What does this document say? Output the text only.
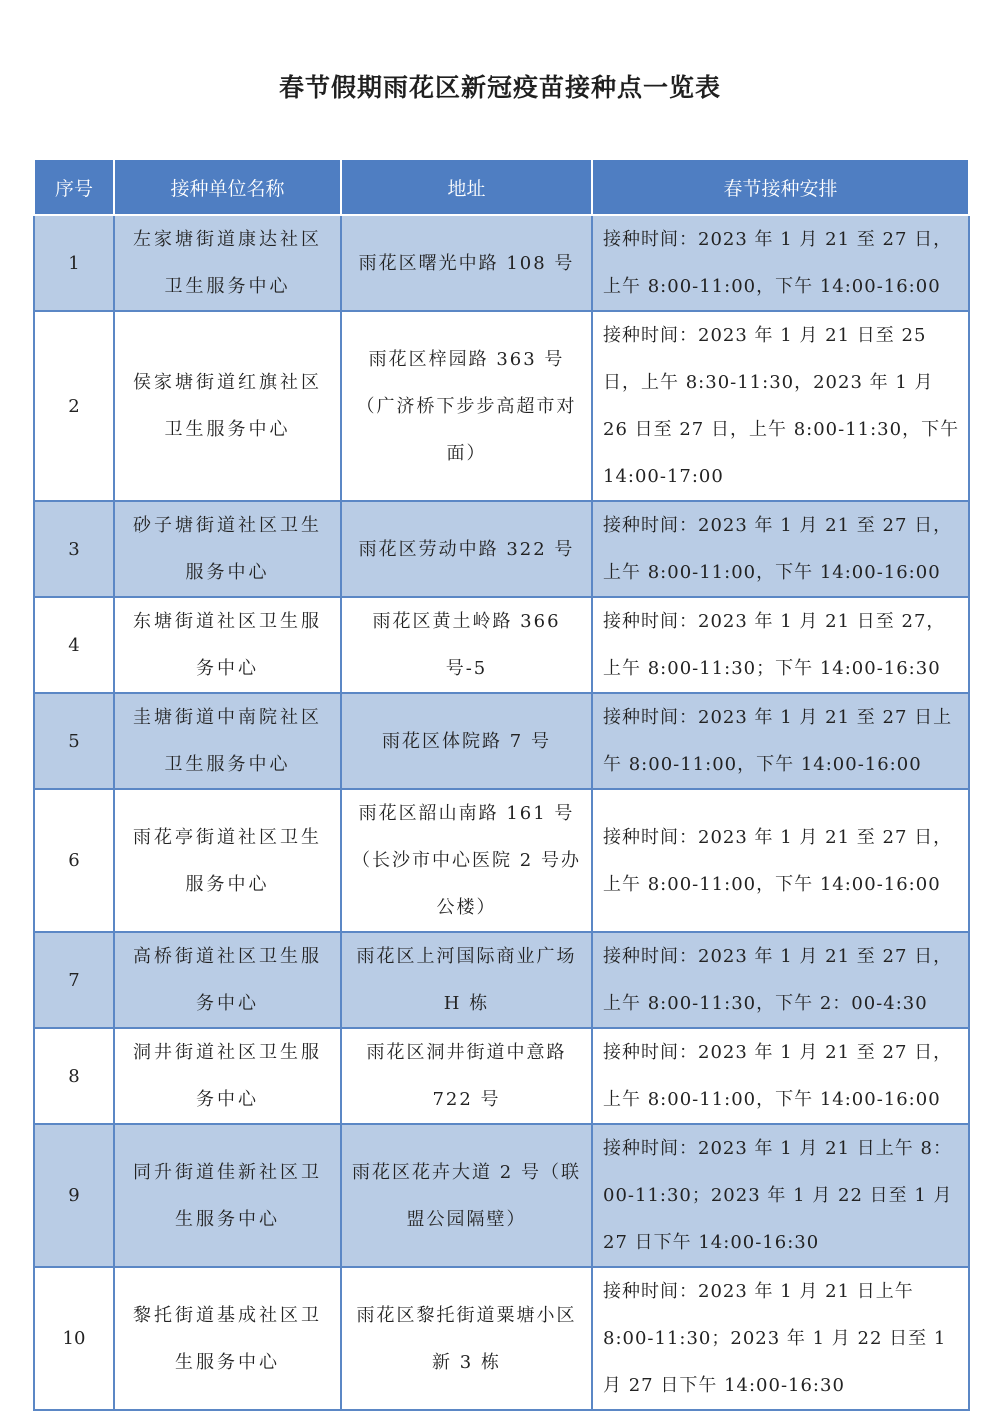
春节假期雨花区新冠疫苗接种点一览表
序号	接种单位名称	地址	春节接种安排
1	左家塘街道康达社区卫生服务中心	雨花区曙光中路 108 号	接种时间：2023 年 1 月 21 至 27 日，上午 8:00-11:00，下午 14:00-16:00
2	侯家塘街道红旗社区卫生服务中心	雨花区梓园路 363 号（广济桥下步步高超市对面）	接种时间：2023 年 1 月 21 日至 25 日，上午 8:30-11:30，2023 年 1 月 26 日至 27 日，上午 8:00-11:30，下午 14:00-17:00
3	砂子塘街道社区卫生服务中心	雨花区劳动中路 322 号	接种时间：2023 年 1 月 21 至 27 日，上午 8:00-11:00，下午 14:00-16:00
4	东塘街道社区卫生服务中心	雨花区黄土岭路 366 号-5	接种时间：2023 年 1 月 21 日至 27，上午 8:00-11:30；下午 14:00-16:30
5	圭塘街道中南院社区卫生服务中心	雨花区体院路 7 号	接种时间：2023 年 1 月 21 至 27 日上午 8:00-11:00，下午 14:00-16:00
6	雨花亭街道社区卫生服务中心	雨花区韶山南路 161 号（长沙市中心医院 2 号办公楼）	接种时间：2023 年 1 月 21 至 27 日，上午 8:00-11:00，下午 14:00-16:00
7	高桥街道社区卫生服务中心	雨花区上河国际商业广场 H 栋	接种时间：2023 年 1 月 21 至 27 日，上午 8:00-11:30，下午 2：00-4:30
8	洞井街道社区卫生服务中心	雨花区洞井街道中意路 722 号	接种时间：2023 年 1 月 21 至 27 日，上午 8:00-11:00，下午 14:00-16:00
9	同升街道佳新社区卫生服务中心	雨花区花卉大道 2 号（联盟公园隔壁）	接种时间：2023 年 1 月 21 日上午 8：00-11:30；2023 年 1 月 22 日至 1 月 27 日下午 14:00-16:30
10	黎托街道基成社区卫生服务中心	雨花区黎托街道粟塘小区新 3 栋	接种时间：2023 年 1 月 21 日上午 8:00-11:30；2023 年 1 月 22 日至 1 月 27 日下午 14:00-16:30
